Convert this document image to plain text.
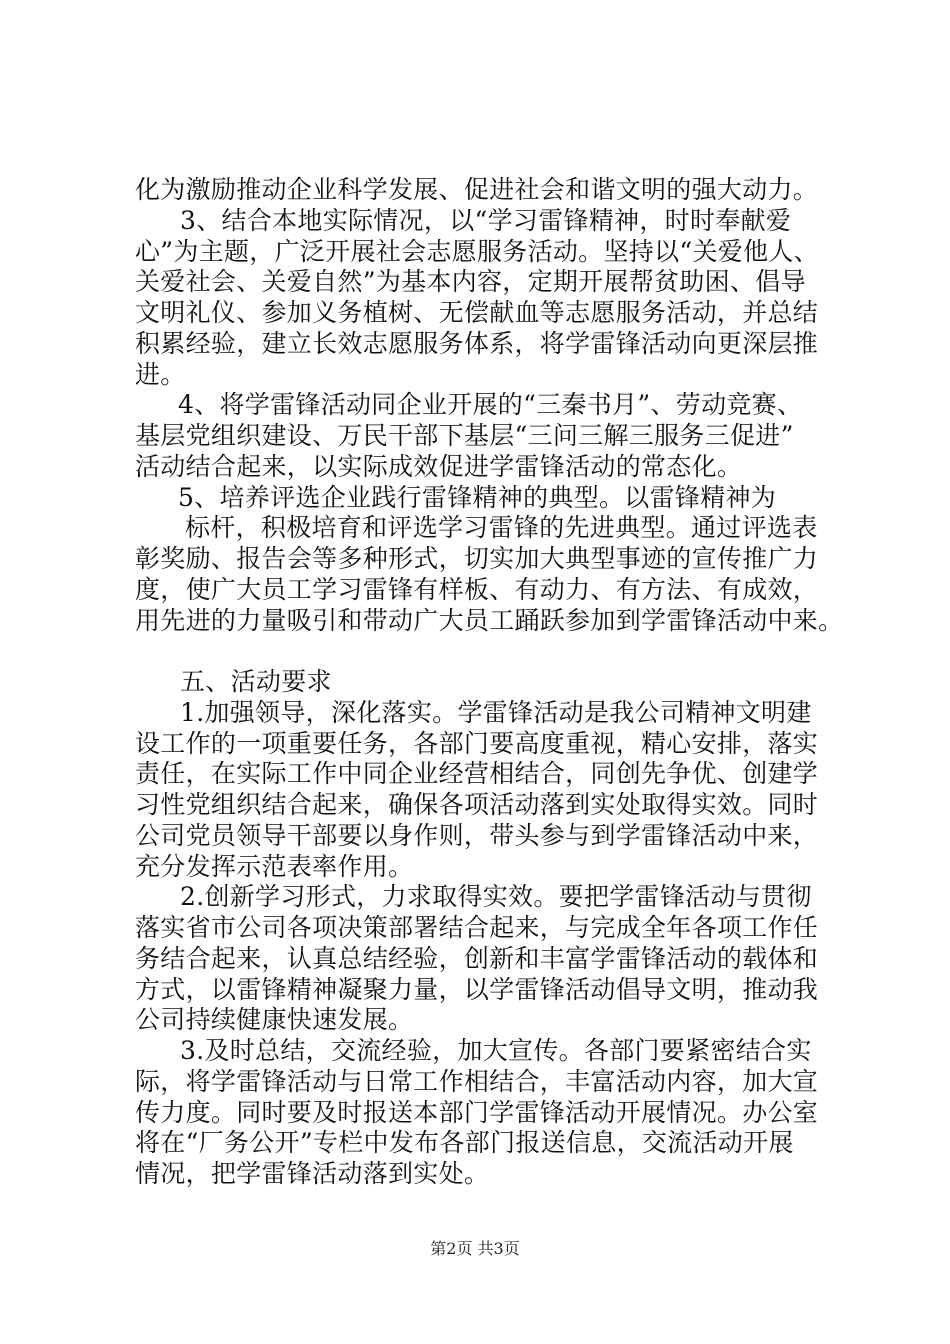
化为激励推动企业科学发展、促进社会和谐文明的强大动力。
3、结合本地实际情况，以“学习雷锋精神，时时奉献爱
心”为主题，广泛开展社会志愿服务活动。坚持以“关爱他人、
关爱社会、关爱自然”为基本内容，定期开展帮贫助困、倡导
文明礼仪、参加义务植树、无偿献血等志愿服务活动，并总结
积累经验，建立长效志愿服务体系，将学雷锋活动向更深层推
进。
4、将学雷锋活动同企业开展的“三秦书月”、劳动竞赛、
基层党组织建设、万民干部下基层“三问三解三服务三促进”
活动结合起来，以实际成效促进学雷锋活动的常态化。
5、培养评选企业践行雷锋精神的典型。以雷锋精神为
标杆，积极培育和评选学习雷锋的先进典型。通过评选表
彰奖励、报告会等多种形式，切实加大典型事迹的宣传推广力
度，使广大员工学习雷锋有样板、有动力、有方法、有成效，
用先进的力量吸引和带动广大员工踊跃参加到学雷锋活动中来。
五、活动要求
1.加强领导，深化落实。学雷锋活动是我公司精神文明建
设工作的一项重要任务，各部门要高度重视，精心安排，落实
责任，在实际工作中同企业经营相结合，同创先争优、创建学
习性党组织结合起来，确保各项活动落到实处取得实效。同时
公司党员领导干部要以身作则，带头参与到学雷锋活动中来，
充分发挥示范表率作用。
2.创新学习形式，力求取得实效。要把学雷锋活动与贯彻
落实省市公司各项决策部署结合起来，与完成全年各项工作任
务结合起来，认真总结经验，创新和丰富学雷锋活动的载体和
方式，以雷锋精神凝聚力量，以学雷锋活动倡导文明，推动我
公司持续健康快速发展。
3.及时总结，交流经验，加大宣传。各部门要紧密结合实
际，将学雷锋活动与日常工作相结合，丰富活动内容，加大宣
传力度。同时要及时报送本部门学雷锋活动开展情况。办公室
将在“厂务公开”专栏中发布各部门报送信息，交流活动开展
情况，把学雷锋活动落到实处。
第2页 共3页
